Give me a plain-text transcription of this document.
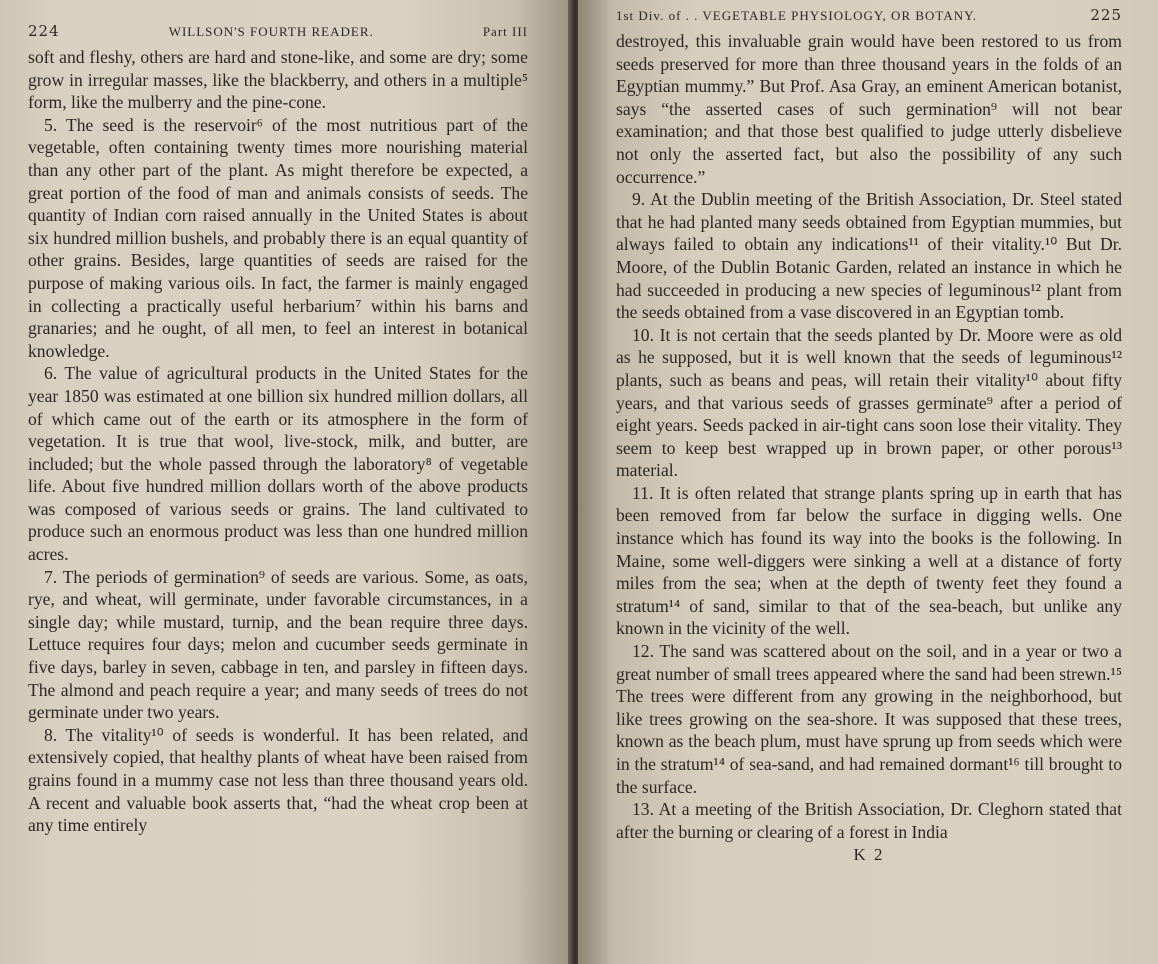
224	WILLSON'S FOURTH READER.	Part III

soft and fleshy, others are hard and stone-like, and some are dry; some grow in irregular masses, like the blackberry, and others in a multiple⁵ form, like the mulberry and the pine-cone.

5. The seed is the reservoir⁶ of the most nutritious part of the vegetable, often containing twenty times more nourishing material than any other part of the plant. As might therefore be expected, a great portion of the food of man and animals consists of seeds. The quantity of Indian corn raised annually in the United States is about six hundred million bushels, and probably there is an equal quantity of other grains. Besides, large quantities of seeds are raised for the purpose of making various oils. In fact, the farmer is mainly engaged in collecting a practically useful herbarium⁷ within his barns and granaries; and he ought, of all men, to feel an interest in botanical knowledge.

6. The value of agricultural products in the United States for the year 1850 was estimated at one billion six hundred million dollars, all of which came out of the earth or its atmosphere in the form of vegetation. It is true that wool, live-stock, milk, and butter, are included; but the whole passed through the laboratory⁸ of vegetable life. About five hundred million dollars worth of the above products was composed of various seeds or grains. The land cultivated to produce such an enormous product was less than one hundred million acres.

7. The periods of germination⁹ of seeds are various. Some, as oats, rye, and wheat, will germinate, under favorable circumstances, in a single day; while mustard, turnip, and the bean require three days. Lettuce requires four days; melon and cucumber seeds germinate in five days, barley in seven, cabbage in ten, and parsley in fifteen days. The almond and peach require a year; and many seeds of trees do not germinate under two years.

8. The vitality¹⁰ of seeds is wonderful. It has been related, and extensively copied, that healthy plants of wheat have been raised from grains found in a mummy case not less than three thousand years old. A recent and valuable book asserts that, “had the wheat crop been at any time entirely

1st Div. of . . VEGETABLE PHYSIOLOGY, OR BOTANY.	225

destroyed, this invaluable grain would have been restored to us from seeds preserved for more than three thousand years in the folds of an Egyptian mummy.” But Prof. Asa Gray, an eminent American botanist, says “the asserted cases of such germination⁹ will not bear examination; and that those best qualified to judge utterly disbelieve not only the asserted fact, but also the possibility of any such occurrence.”

9. At the Dublin meeting of the British Association, Dr. Steel stated that he had planted many seeds obtained from Egyptian mummies, but always failed to obtain any indications¹¹ of their vitality.¹⁰ But Dr. Moore, of the Dublin Botanic Garden, related an instance in which he had succeeded in producing a new species of leguminous¹² plant from the seeds obtained from a vase discovered in an Egyptian tomb.

10. It is not certain that the seeds planted by Dr. Moore were as old as he supposed, but it is well known that the seeds of leguminous¹² plants, such as beans and peas, will retain their vitality¹⁰ about fifty years, and that various seeds of grasses germinate⁹ after a period of eight years. Seeds packed in air-tight cans soon lose their vitality. They seem to keep best wrapped up in brown paper, or other porous¹³ material.

11. It is often related that strange plants spring up in earth that has been removed from far below the surface in digging wells. One instance which has found its way into the books is the following. In Maine, some well-diggers were sinking a well at a distance of forty miles from the sea; when at the depth of twenty feet they found a stratum¹⁴ of sand, similar to that of the sea-beach, but unlike any known in the vicinity of the well.

12. The sand was scattered about on the soil, and in a year or two a great number of small trees appeared where the sand had been strewn.¹⁵ The trees were different from any growing in the neighborhood, but like trees growing on the sea-shore. It was supposed that these trees, known as the beach plum, must have sprung up from seeds which were in the stratum¹⁴ of sea-sand, and had remained dormant¹⁶ till brought to the surface.

13. At a meeting of the British Association, Dr. Cleghorn stated that after the burning or clearing of a forest in India

K 2
